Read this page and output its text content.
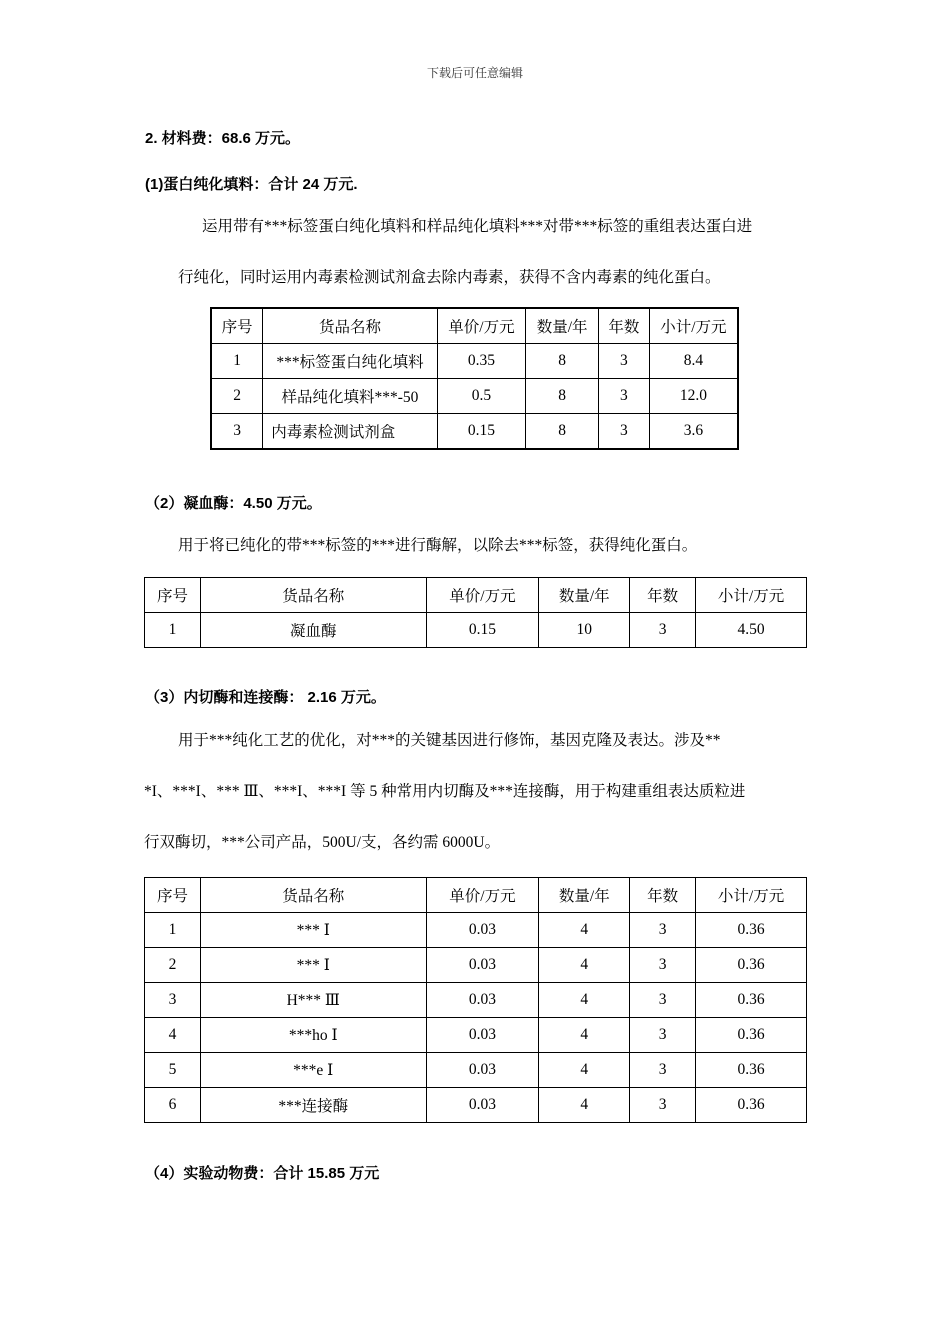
下载后可任意编辑
2. 材料费：68.6 万元。
(1)蛋白纯化填料：合计 24 万元.
运用带有***标签蛋白纯化填料和样品纯化填料***对带***标签的重组表达蛋白进
行纯化，同时运用内毒素检测试剂盒去除内毒素，获得不含内毒素的纯化蛋白。
序号	货品名称	单价/万元	数量/年	年数	小计/万元
1	***标签蛋白纯化填料	0.35	8	3	8.4
2	样品纯化填料***-50	0.5	8	3	12.0
3	内毒素检测试剂盒	0.15	8	3	3.6
（2）凝血酶：4.50 万元。
用于将已纯化的带***标签的***进行酶解，以除去***标签，获得纯化蛋白。
序号	货品名称	单价/万元	数量/年	年数	小计/万元
1	凝血酶	0.15	10	3	4.50
（3）内切酶和连接酶： 2.16 万元。
用于***纯化工艺的优化，对***的关键基因进行修饰，基因克隆及表达。涉及**
*I、***I、*** Ⅲ、***I、***I 等 5 种常用内切酶及***连接酶，用于构建重组表达质粒进
行双酶切，***公司产品，500U/支，各约需 6000U。
序号	货品名称	单价/万元	数量/年	年数	小计/万元
1	*** Ⅰ	0.03	4	3	0.36
2	*** Ⅰ	0.03	4	3	0.36
3	H*** Ⅲ	0.03	4	3	0.36
4	***ho Ⅰ	0.03	4	3	0.36
5	***e Ⅰ	0.03	4	3	0.36
6	***连接酶	0.03	4	3	0.36
（4）实验动物费：合计 15.85 万元
